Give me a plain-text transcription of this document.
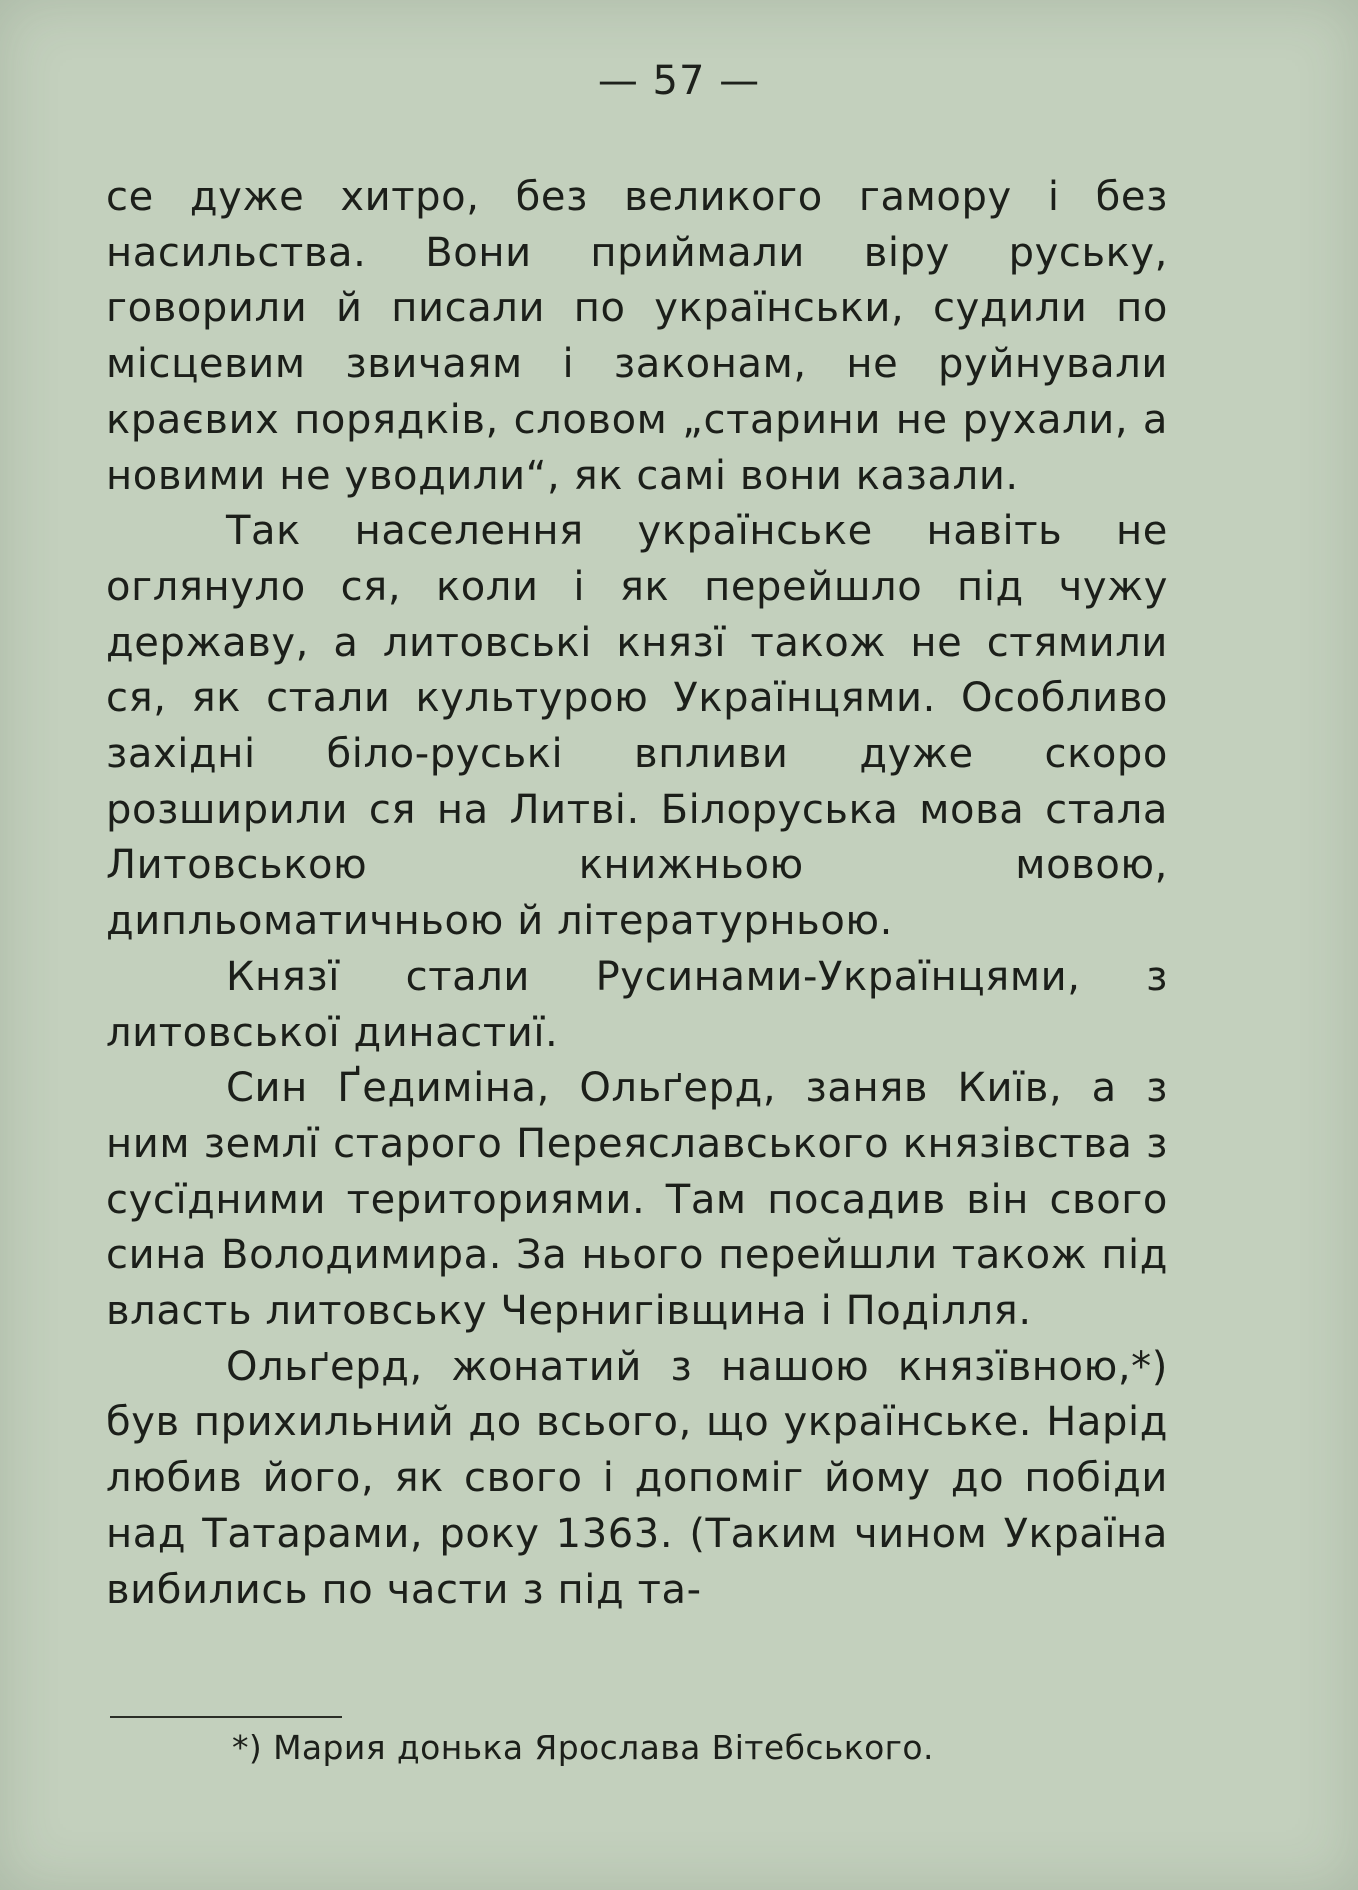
— 57 —

се дуже хитро, без великого гамору і без насильства. Вони приймали віру руську, говорили й писали по українськи, судили по місцевим звичаям і законам, не руйнували краєвих порядків, словом „старини не рухали, а новими не уводили“, як самі вони казали.

Так населення українське навіть не оглянуло ся, коли і як перейшло під чужу державу, а литовські князї також не стямили ся, як стали культурою Українцями. Особливо західні біло-руські впливи дуже скоро розширили ся на Литві. Білоруська мова стала Литовською книжньою мовою, дипльоматичньою й літературньою.

Князї стали Русинами-Українцями, з литовської династиї.

Син Ґедиміна, Ольґерд, заняв Київ, а з ним землї старого Переяславського князівства з сусїдними териториями. Там посадив він свого сина Володимира. За нього перейшли також під власть литовську Чернигівщина і Поділля.

Ольґерд, жонатий з нашою князївною,*) був прихильний до всього, що українське. Нарід любив його, як свого і допоміг йому до побіди над Татарами, року 1363. (Таким чином Україна вибились по части з під та-

*) Мария донька Ярослава Вітебського.
